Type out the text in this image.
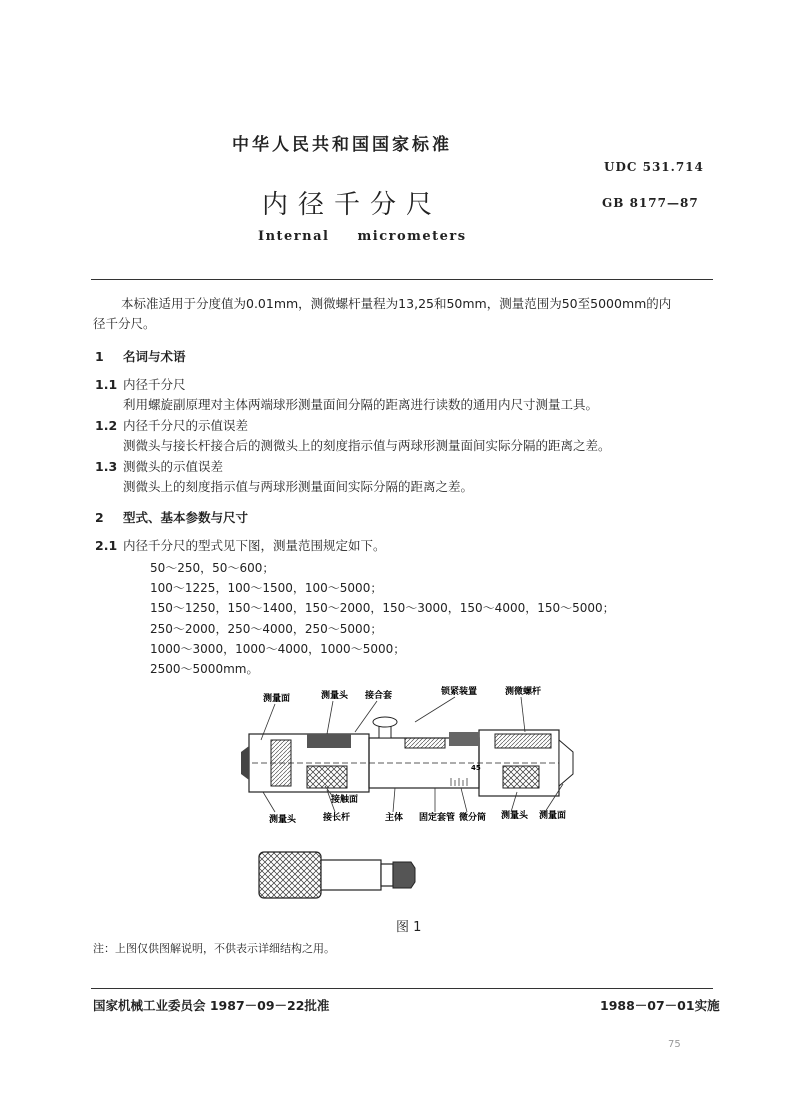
中华人民共和国国家标准
UDC 531.714
内径千分尺	GB 8177—87
Internal micrometers
本标准适用于分度值为0.01mm，测微螺杆量程为13,25和50mm，测量范围为50至5000mm的内
径千分尺。
1 名词与术语
1.1 内径千分尺
利用螺旋副原理对主体两端球形测量面间分隔的距离进行读数的通用内尺寸测量工具。
1.2 内径千分尺的示值误差
测微头与接长杆接合后的测微头上的刻度指示值与两球形测量面间实际分隔的距离之差。
1.3 测微头的示值误差
测微头上的刻度指示值与两球形测量面间实际分隔的距离之差。
2 型式、基本参数与尺寸
2.1 内径千分尺的型式见下图，测量范围规定如下。
50～250，50～600；
100～1225，100～1500，100～5000；
150～1250，150～1400，150～2000，150～3000，150～4000，150～5000；
250～2000，250～4000，250～5000；
1000～3000，1000～4000，1000～5000；
2500～5000mm。
测量面	测量头 接合套	锁紧装置	测微螺杆
45
接触面
测量头	接长杆	主体 固定套管 微分筒 测量头 测量面
图 1
注：上图仅供图解说明，不供表示详细结构之用。
国家机械工业委员会 1987－09－22批准	1988－07－01实施
75
